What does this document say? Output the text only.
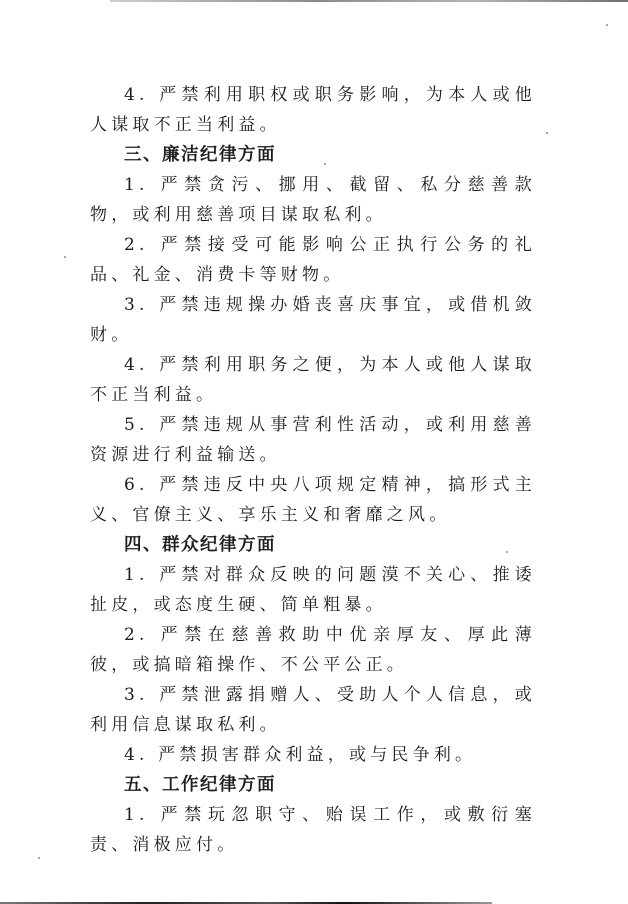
4. 严禁利用职权或职务影响，为本人或他人谋取不正当利益。

三、廉洁纪律方面

1. 严禁贪污、挪用、截留、私分慈善款物，或利用慈善项目谋取私利。

2. 严禁接受可能影响公正执行公务的礼品、礼金、消费卡等财物。

3. 严禁违规操办婚丧喜庆事宜，或借机敛财。

4. 严禁利用职务之便，为本人或他人谋取不正当利益。

5. 严禁违规从事营利性活动，或利用慈善资源进行利益输送。

6. 严禁违反中央八项规定精神，搞形式主义、官僚主义、享乐主义和奢靡之风。

四、群众纪律方面

1. 严禁对群众反映的问题漠不关心、推诿扯皮，或态度生硬、简单粗暴。

2. 严禁在慈善救助中优亲厚友、厚此薄彼，或搞暗箱操作、不公平公正。

3. 严禁泄露捐赠人、受助人个人信息，或利用信息谋取私利。

4. 严禁损害群众利益，或与民争利。

五、工作纪律方面

1. 严禁玩忽职守、贻误工作，或敷衍塞责、消极应付。
